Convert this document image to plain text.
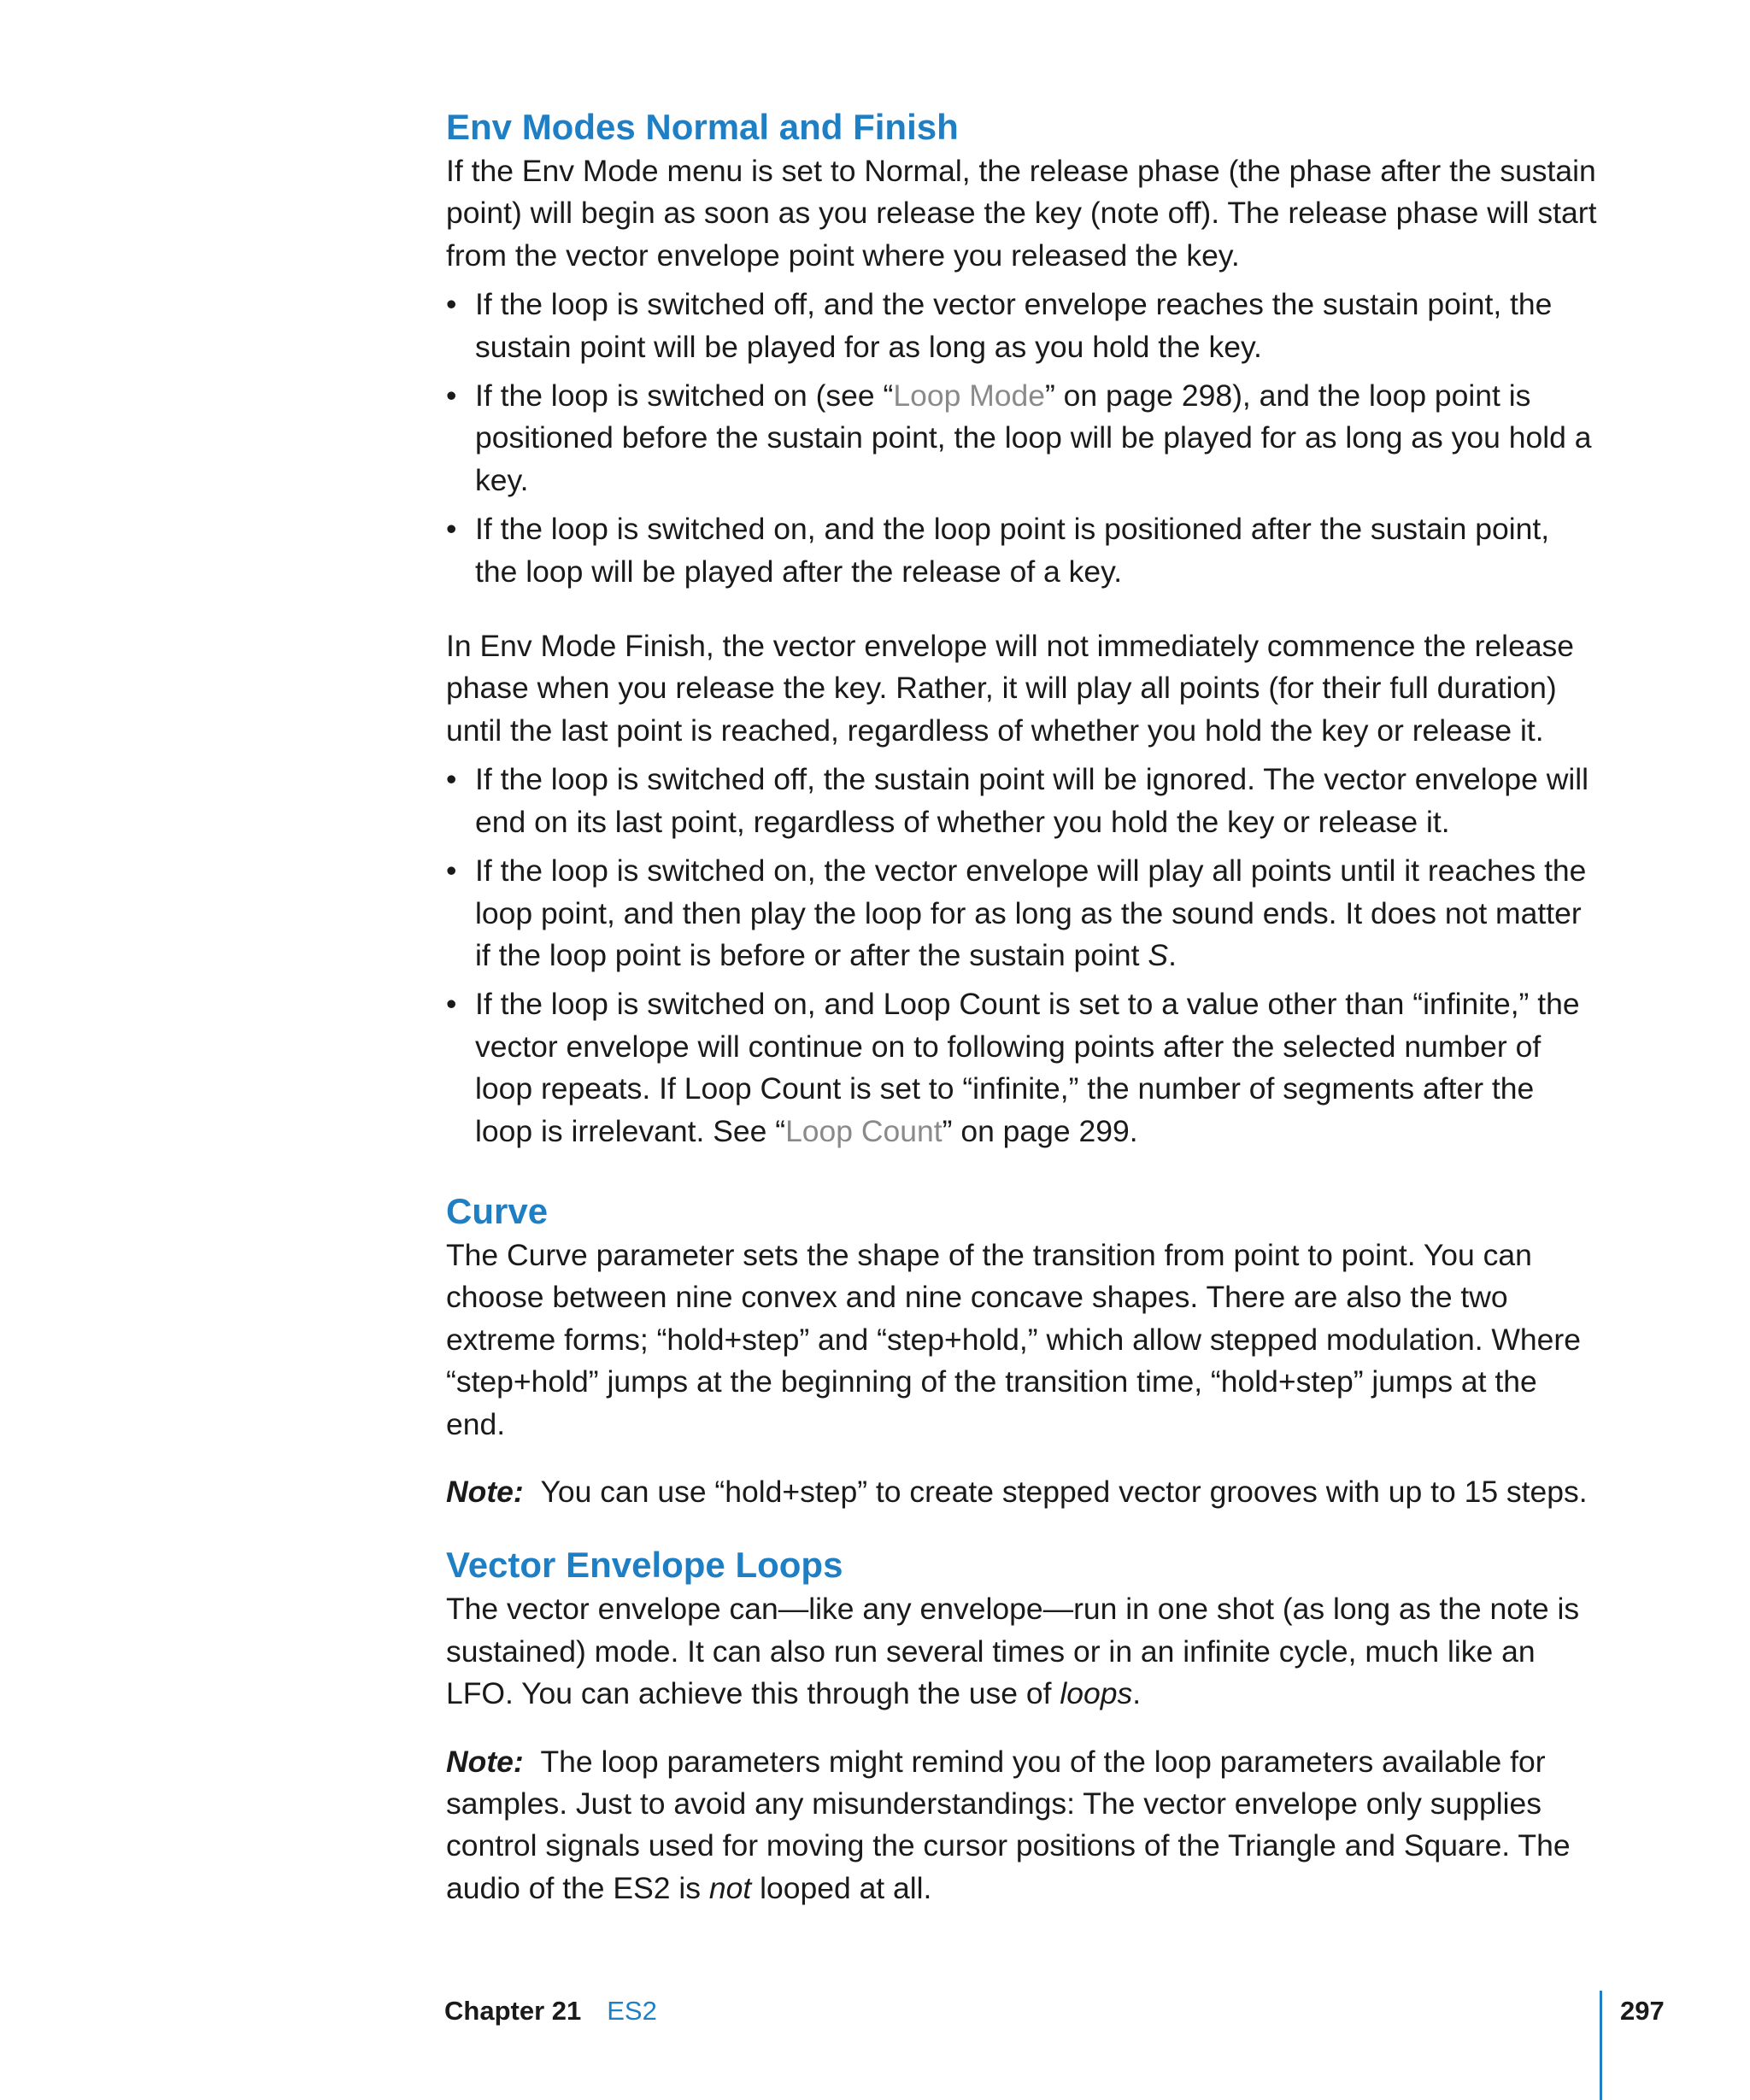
Env Modes Normal and Finish

If the Env Mode menu is set to Normal, the release phase (the phase after the sustain point) will begin as soon as you release the key (note off). The release phase will start from the vector envelope point where you released the key.

• If the loop is switched off, and the vector envelope reaches the sustain point, the sustain point will be played for as long as you hold the key.
• If the loop is switched on (see “Loop Mode” on page 298), and the loop point is positioned before the sustain point, the loop will be played for as long as you hold a key.
• If the loop is switched on, and the loop point is positioned after the sustain point, the loop will be played after the release of a key.

In Env Mode Finish, the vector envelope will not immediately commence the release phase when you release the key. Rather, it will play all points (for their full duration) until the last point is reached, regardless of whether you hold the key or release it.

• If the loop is switched off, the sustain point will be ignored. The vector envelope will end on its last point, regardless of whether you hold the key or release it.
• If the loop is switched on, the vector envelope will play all points until it reaches the loop point, and then play the loop for as long as the sound ends. It does not matter if the loop point is before or after the sustain point S.
• If the loop is switched on, and Loop Count is set to a value other than “infinite,” the vector envelope will continue on to following points after the selected number of loop repeats. If Loop Count is set to “infinite,” the number of segments after the loop is irrelevant. See “Loop Count” on page 299.
Curve

The Curve parameter sets the shape of the transition from point to point. You can choose between nine convex and nine concave shapes. There are also the two extreme forms; “hold+step” and “step+hold,” which allow stepped modulation. Where “step+hold” jumps at the beginning of the transition time, “hold+step” jumps at the end.

Note: You can use “hold+step” to create stepped vector grooves with up to 15 steps.

Vector Envelope Loops

The vector envelope can—like any envelope—run in one shot (as long as the note is sustained) mode. It can also run several times or in an infinite cycle, much like an LFO. You can achieve this through the use of loops.

Note: The loop parameters might remind you of the loop parameters available for samples. Just to avoid any misunderstandings: The vector envelope only supplies control signals used for moving the cursor positions of the Triangle and Square. The audio of the ES2 is not looped at all.

Chapter 21 ES2	297
